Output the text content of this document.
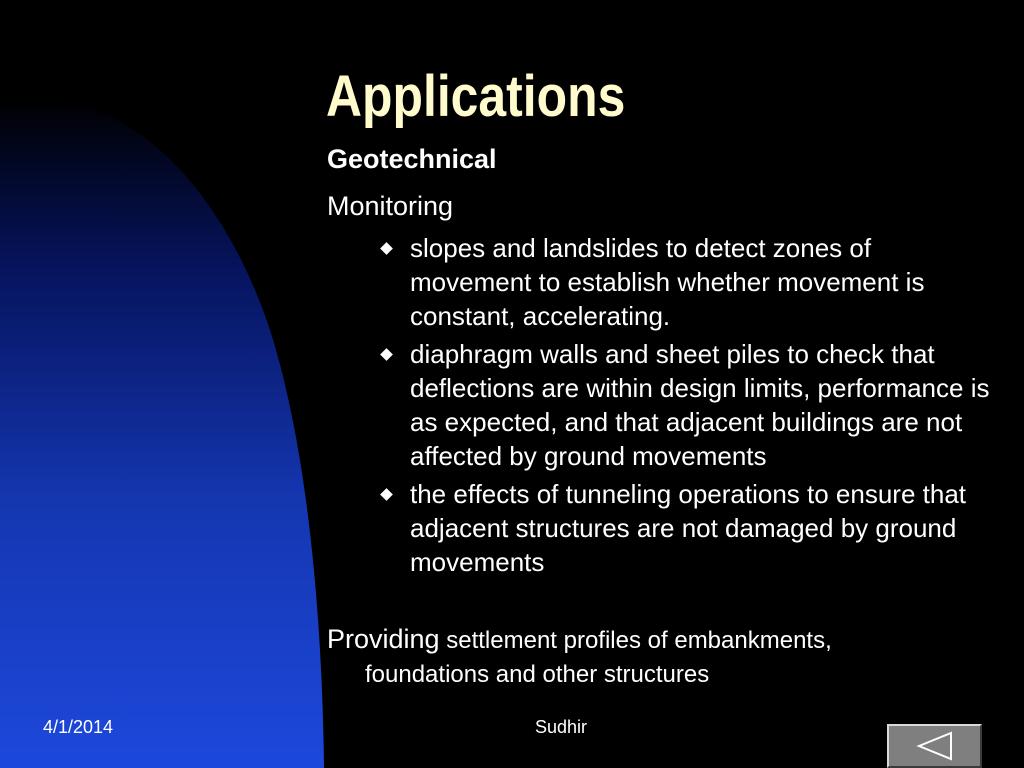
Applications
Geotechnical
Monitoring
slopes and landslides to detect zones of movement to establish whether movement is constant, accelerating.
diaphragm walls and sheet piles to check that deflections are within design limits, performance is as expected, and that adjacent buildings are not affected by ground movements
the effects of tunneling operations to ensure that adjacent structures are not damaged by ground movements
Providing settlement profiles of embankments,
foundations and other structures
4/1/2014	Sudhir
